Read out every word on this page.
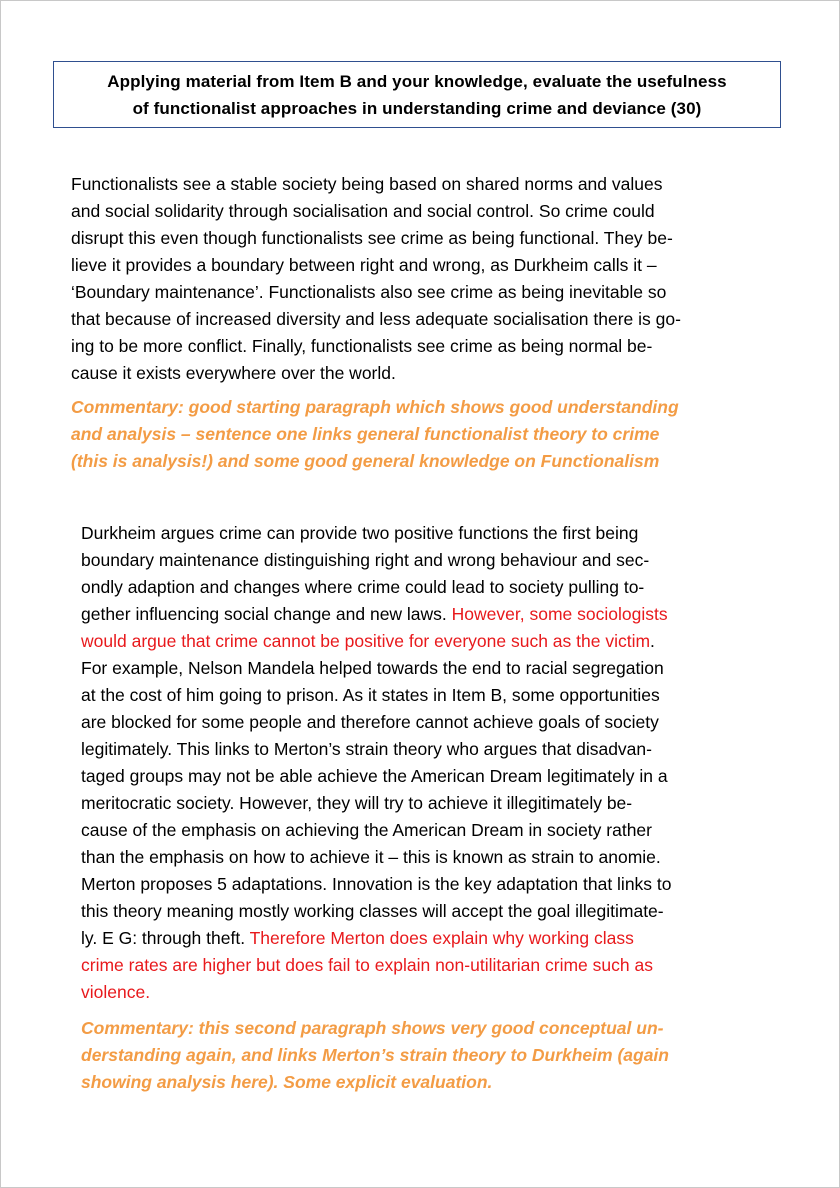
Applying material from Item B and your knowledge, evaluate the usefulness
of functionalist approaches in understanding crime and deviance (30)

Functionalists see a stable society being based on shared norms and values
and social solidarity through socialisation and social control. So crime could
disrupt this even though functionalists see crime as being functional. They be-
lieve it provides a boundary between right and wrong, as Durkheim calls it –
‘Boundary maintenance’. Functionalists also see crime as being inevitable so
that because of increased diversity and less adequate socialisation there is go-
ing to be more conflict. Finally, functionalists see crime as being normal be-
cause it exists everywhere over the world.

Commentary: good starting paragraph which shows good understanding
and analysis – sentence one links general functionalist theory to crime
(this is analysis!) and some good general knowledge on Functionalism

Durkheim argues crime can provide two positive functions the first being
boundary maintenance distinguishing right and wrong behaviour and sec-
ondly adaption and changes where crime could lead to society pulling to-
gether influencing social change and new laws. However, some sociologists
would argue that crime cannot be positive for everyone such as the victim.
For example, Nelson Mandela helped towards the end to racial segregation
at the cost of him going to prison. As it states in Item B, some opportunities
are blocked for some people and therefore cannot achieve goals of society
legitimately. This links to Merton’s strain theory who argues that disadvan-
taged groups may not be able achieve the American Dream legitimately in a
meritocratic society. However, they will try to achieve it illegitimately be-
cause of the emphasis on achieving the American Dream in society rather
than the emphasis on how to achieve it – this is known as strain to anomie.
Merton proposes 5 adaptations. Innovation is the key adaptation that links to
this theory meaning mostly working classes will accept the goal illegitimate-
ly. E G: through theft. Therefore Merton does explain why working class
crime rates are higher but does fail to explain non-utilitarian crime such as
violence.

Commentary: this second paragraph shows very good conceptual un-
derstanding again, and links Merton’s strain theory to Durkheim (again
showing analysis here). Some explicit evaluation.
